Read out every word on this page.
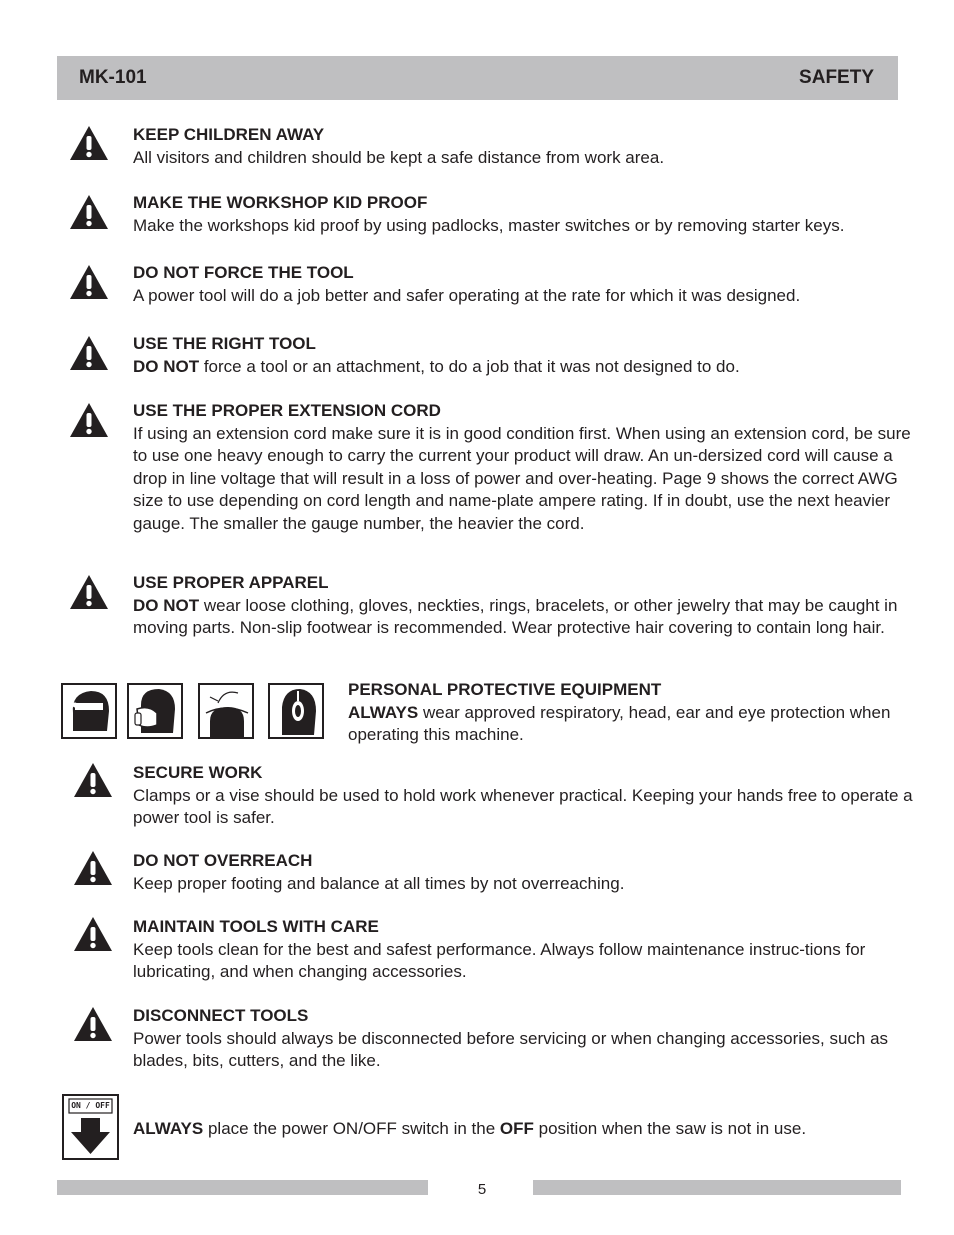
MK-101	SAFETY
KEEP CHILDREN AWAY
All visitors and children should be kept a safe distance from work area.
MAKE THE WORKSHOP KID PROOF
Make the workshops kid proof by using padlocks, master switches or by removing starter keys.
DO NOT FORCE THE TOOL
A power tool will do a job better and safer operating at the rate for which it was designed.
USE THE RIGHT TOOL
DO NOT force a tool or an attachment, to do a job that it was not designed to do.
USE THE PROPER EXTENSION CORD
If using an extension cord make sure it is in good condition first. When using an extension cord, be sure to use one heavy enough to carry the current your product will draw. An un-dersized cord will cause a drop in line voltage that will result in a loss of power and over-heating. Page 9 shows the correct AWG size to use depending on cord length and name-plate ampere rating. If in doubt, use the next heavier gauge. The smaller the gauge number, the heavier the cord.
USE PROPER APPAREL
DO NOT wear loose clothing, gloves, neckties, rings, bracelets, or other jewelry that may be caught in moving parts. Non-slip footwear is recommended. Wear protective hair covering to contain long hair.
PERSONAL PROTECTIVE EQUIPMENT
ALWAYS wear approved respiratory, head, ear and eye protection when operating this machine.
SECURE WORK
Clamps or a vise should be used to hold work whenever practical. Keeping your hands free to operate a power tool is safer.
DO NOT OVERREACH
Keep proper footing and balance at all times by not overreaching.
MAINTAIN TOOLS WITH CARE
Keep tools clean for the best and safest performance. Always follow maintenance instruc-tions for lubricating, and when changing accessories.
DISCONNECT TOOLS
Power tools should always be disconnected before servicing or when changing accessories, such as blades, bits, cutters, and the like.
ON / OFF
ALWAYS place the power ON/OFF switch in the OFF position when the saw is not in use.
5
